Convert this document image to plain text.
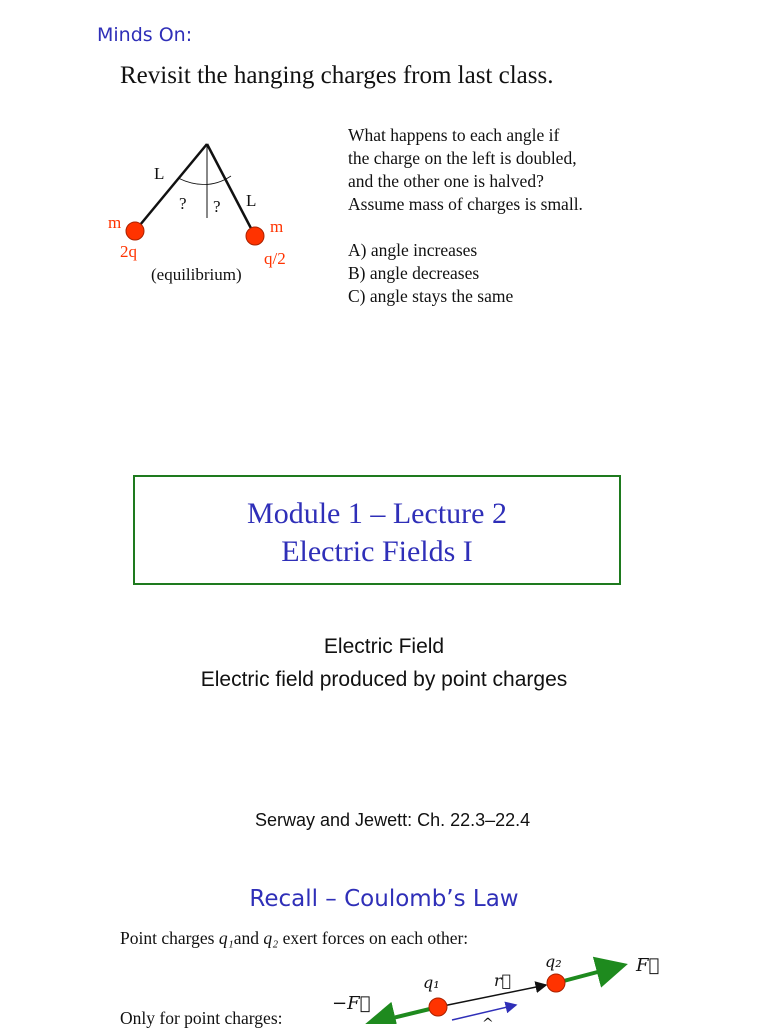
Minds On:
Revisit the hanging charges from last class.
L
L
? ?
m	m
2q	q/2
(equilibrium)
What happens to each angle if
the charge on the left is doubled,
and the other one is halved?
Assume mass of charges is small.
A) angle increases
B) angle decreases
C) angle stays the same
Module 1 – Lecture 2
Electric Fields I
Electric Field
Electric field produced by point charges
Serway and Jewett: Ch. 22.3–22.4
Recall – Coulomb’s Law
Point charges q₁and q₂ exert forces on each other:
Only for point charges:
q₁
q₂
r⃗
F⃗
−F⃗
^
